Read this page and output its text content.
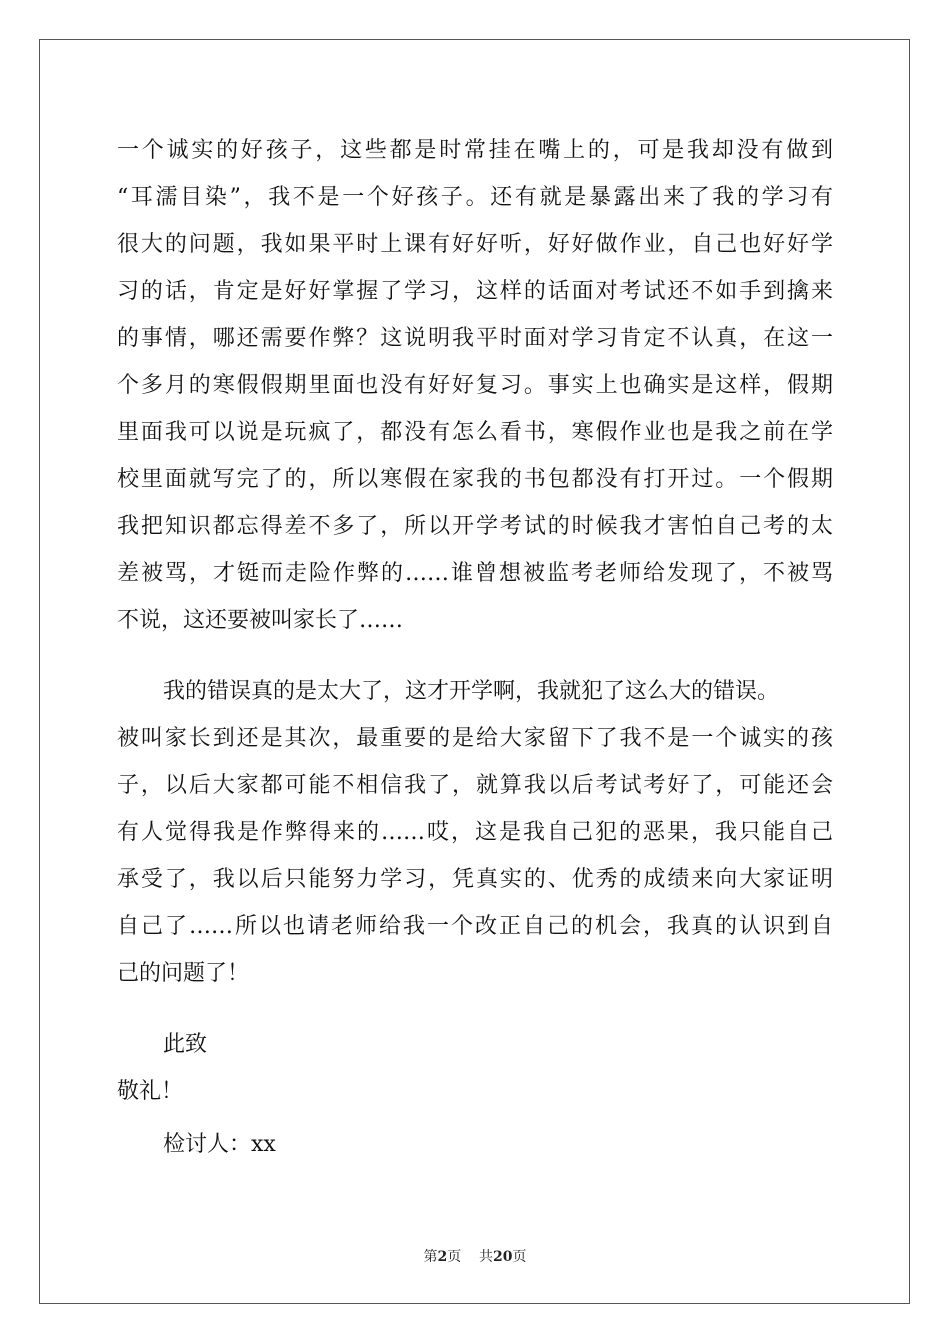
一个诚实的好孩子，这些都是时常挂在嘴上的，可是我却没有做到
“耳濡目染”，我不是一个好孩子。还有就是暴露出来了我的学习有
很大的问题，我如果平时上课有好好听，好好做作业，自己也好好学
习的话，肯定是好好掌握了学习，这样的话面对考试还不如手到擒来
的事情，哪还需要作弊？这说明我平时面对学习肯定不认真，在这一
个多月的寒假假期里面也没有好好复习。事实上也确实是这样，假期
里面我可以说是玩疯了，都没有怎么看书，寒假作业也是我之前在学
校里面就写完了的，所以寒假在家我的书包都没有打开过。一个假期
我把知识都忘得差不多了，所以开学考试的时候我才害怕自己考的太
差被骂，才铤而走险作弊的……谁曾想被监考老师给发现了，不被骂
不说，这还要被叫家长了……
我的错误真的是太大了，这才开学啊，我就犯了这么大的错误。
被叫家长到还是其次，最重要的是给大家留下了我不是一个诚实的孩
子，以后大家都可能不相信我了，就算我以后考试考好了，可能还会
有人觉得我是作弊得来的……哎，这是我自己犯的恶果，我只能自己
承受了，我以后只能努力学习，凭真实的、优秀的成绩来向大家证明
自己了……所以也请老师给我一个改正自己的机会，我真的认识到自
己的问题了！
此致
敬礼！
检讨人：xx
第2页 共20页
